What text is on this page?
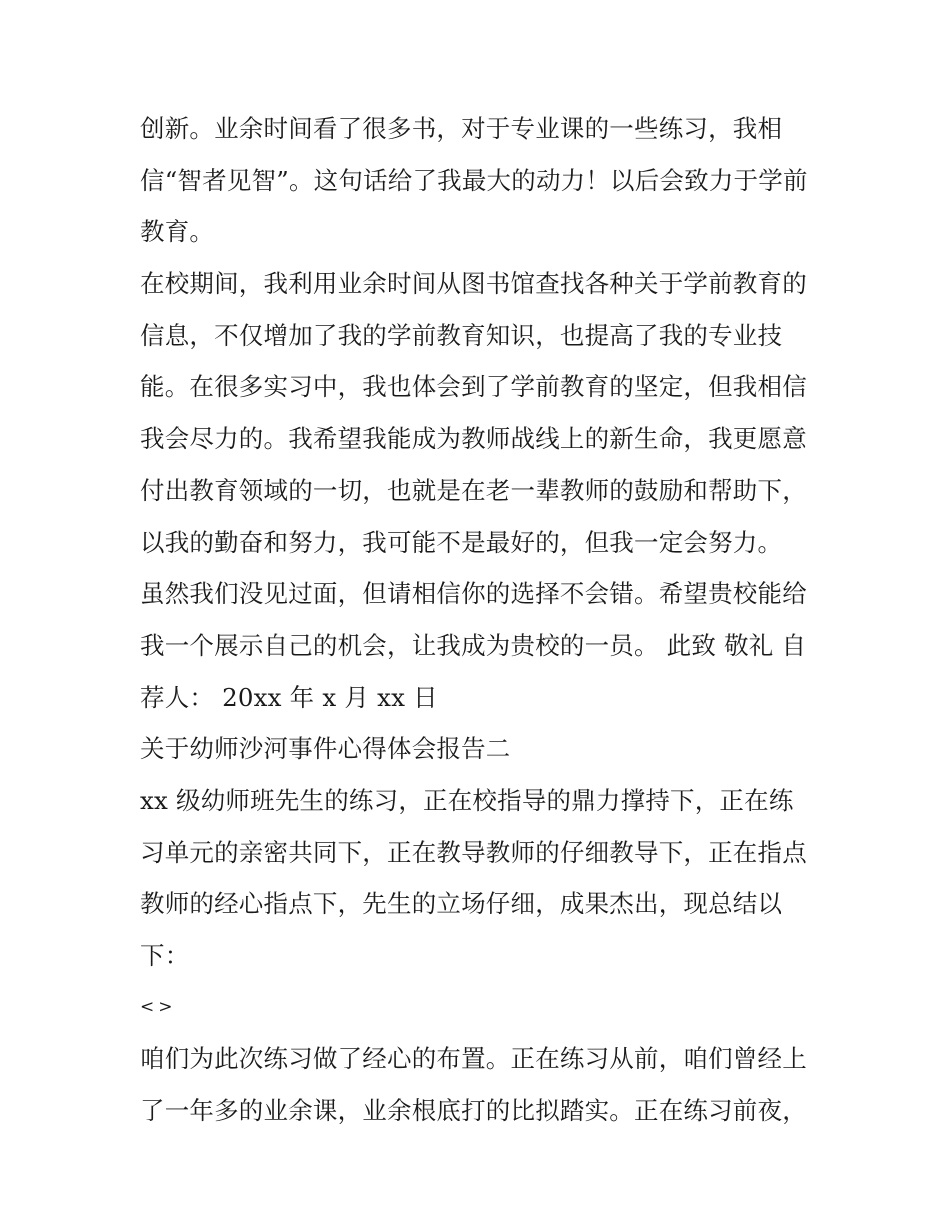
创新。业余时间看了很多书，对于专业课的一些练习，我相
信“智者见智”。这句话给了我最大的动力！以后会致力于学前
教育。
在校期间，我利用业余时间从图书馆查找各种关于学前教育的
信息，不仅增加了我的学前教育知识，也提高了我的专业技
能。在很多实习中，我也体会到了学前教育的坚定，但我相信
我会尽力的。我希望我能成为教师战线上的新生命，我更愿意
付出教育领域的一切，也就是在老一辈教师的鼓励和帮助下，
以我的勤奋和努力，我可能不是最好的，但我一定会努力。
虽然我们没见过面，但请相信你的选择不会错。希望贵校能给
我一个展示自己的机会，让我成为贵校的一员。 此致 敬礼 自
荐人： 20xx 年 x 月 xx 日
关于幼师沙河事件心得体会报告二
xx 级幼师班先生的练习，正在校指导的鼎力撑持下，正在练
习单元的亲密共同下，正在教导教师的仔细教导下，正在指点
教师的经心指点下，先生的立场仔细，成果杰出，现总结以
下：
<>
咱们为此次练习做了经心的布置。正在练习从前，咱们曾经上
了一年多的业余课，业余根底打的比拟踏实。正在练习前夜，
